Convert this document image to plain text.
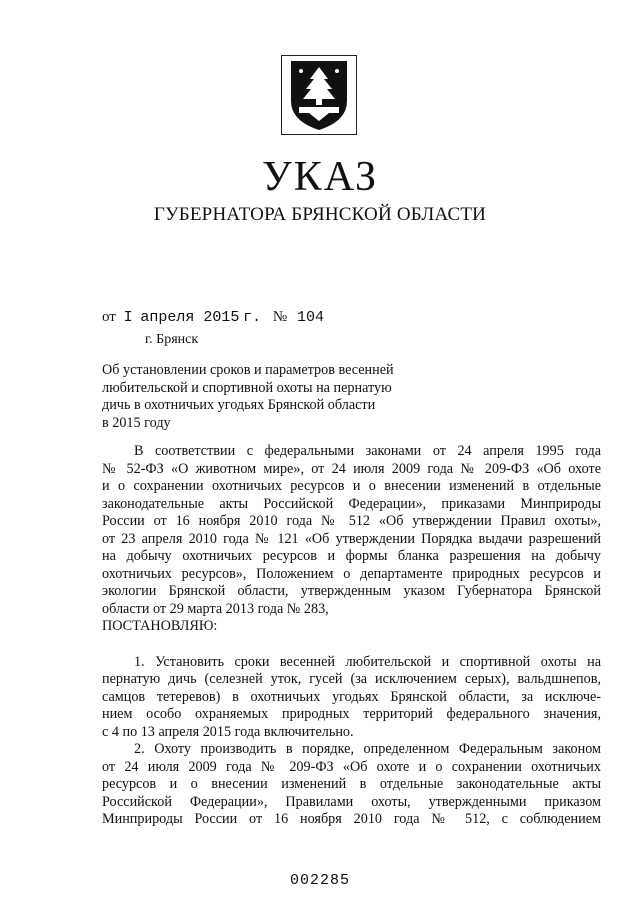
УКАЗ
ГУБЕРНАТОРА БРЯНСКОЙ ОБЛАСТИ
от I апреля 2015 г. № 104
г. Брянск
Об установлении сроков и параметров весенней
любительской и спортивной охоты на пернатую
дичь в охотничьих угодьях Брянской области
в 2015 году
В соответствии с федеральными законами от 24 апреля 1995 года
№ 52-ФЗ «О животном мире», от 24 июля 2009 года № 209-ФЗ «Об охоте
и о сохранении охотничьих ресурсов и о внесении изменений в отдельные
законодательные акты Российской Федерации», приказами Минприроды
России от 16 ноября 2010 года № 512 «Об утверждении Правил охоты»,
от 23 апреля 2010 года № 121 «Об утверждении Порядка выдачи разрешений
на добычу охотничьих ресурсов и формы бланка разрешения на добычу
охотничьих ресурсов», Положением о департаменте природных ресурсов и
экологии Брянской области, утвержденным указом Губернатора Брянской
области от 29 марта 2013 года № 283,
ПОСТАНОВЛЯЮ:
1. Установить сроки весенней любительской и спортивной охоты на
пернатую дичь (селезней уток, гусей (за исключением серых), вальдшнепов,
самцов тетеревов) в охотничьих угодьях Брянской области, за исключе-
нием особо охраняемых природных территорий федерального значения,
с 4 по 13 апреля 2015 года включительно.
2. Охоту производить в порядке, определенном Федеральным законом
от 24 июля 2009 года № 209-ФЗ «Об охоте и о сохранении охотничьих
ресурсов и о внесении изменений в отдельные законодательные акты
Российской Федерации», Правилами охоты, утвержденными приказом
Минприроды России от 16 ноября 2010 года № 512, с соблюдением
002285
